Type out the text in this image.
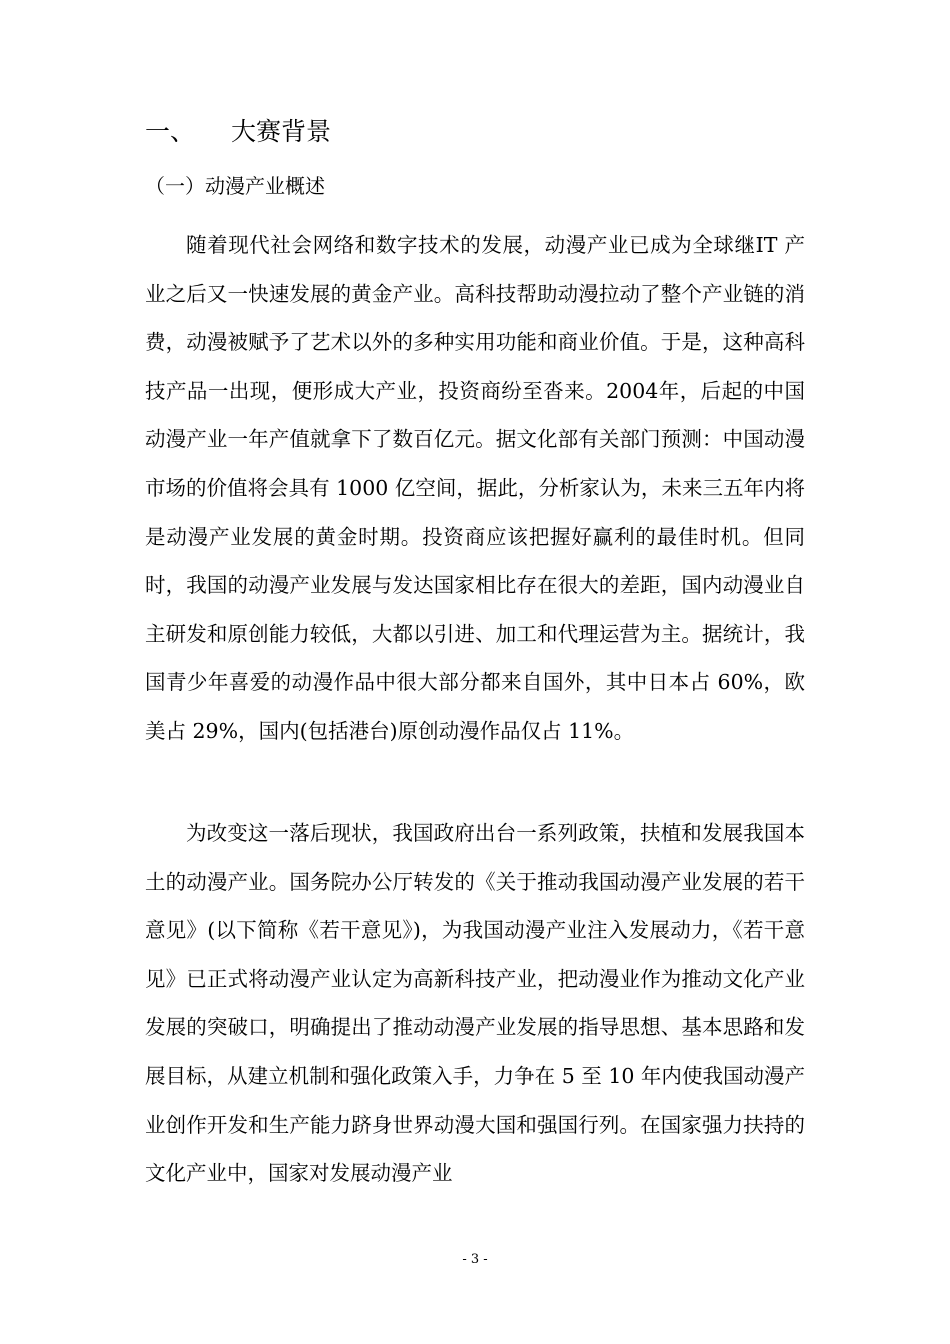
一、 大赛背景
（一）动漫产业概述

随着现代社会网络和数字技术的发展，动漫产业已成为全球继IT 产业之后又一快速发展的黄金产业。高科技帮助动漫拉动了整个产业链的消费，动漫被赋予了艺术以外的多种实用功能和商业价值。于是，这种高科技产品一出现，便形成大产业，投资商纷至沓来。2004年，后起的中国动漫产业一年产值就拿下了数百亿元。据文化部有关部门预测：中国动漫市场的价值将会具有 1000 亿空间，据此，分析家认为，未来三五年内将是动漫产业发展的黄金时期。投资商应该把握好赢利的最佳时机。但同时，我国的动漫产业发展与发达国家相比存在很大的差距，国内动漫业自主研发和原创能力较低，大都以引进、加工和代理运营为主。据统计，我国青少年喜爱的动漫作品中很大部分都来自国外，其中日本占 60%，欧美占 29%，国内(包括港台)原创动漫作品仅占 11%。

为改变这一落后现状，我国政府出台一系列政策，扶植和发展我国本土的动漫产业。国务院办公厅转发的《关于推动我国动漫产业发展的若干意见》(以下简称《若干意见》)，为我国动漫产业注入发展动力，《若干意见》已正式将动漫产业认定为高新科技产业，把动漫业作为推动文化产业发展的突破口，明确提出了推动动漫产业发展的指导思想、基本思路和发展目标，从建立机制和强化政策入手，力争在 5 至 10 年内使我国动漫产业创作开发和生产能力跻身世界动漫大国和强国行列。在国家强力扶持的文化产业中，国家对发展动漫产业

- 3 -
